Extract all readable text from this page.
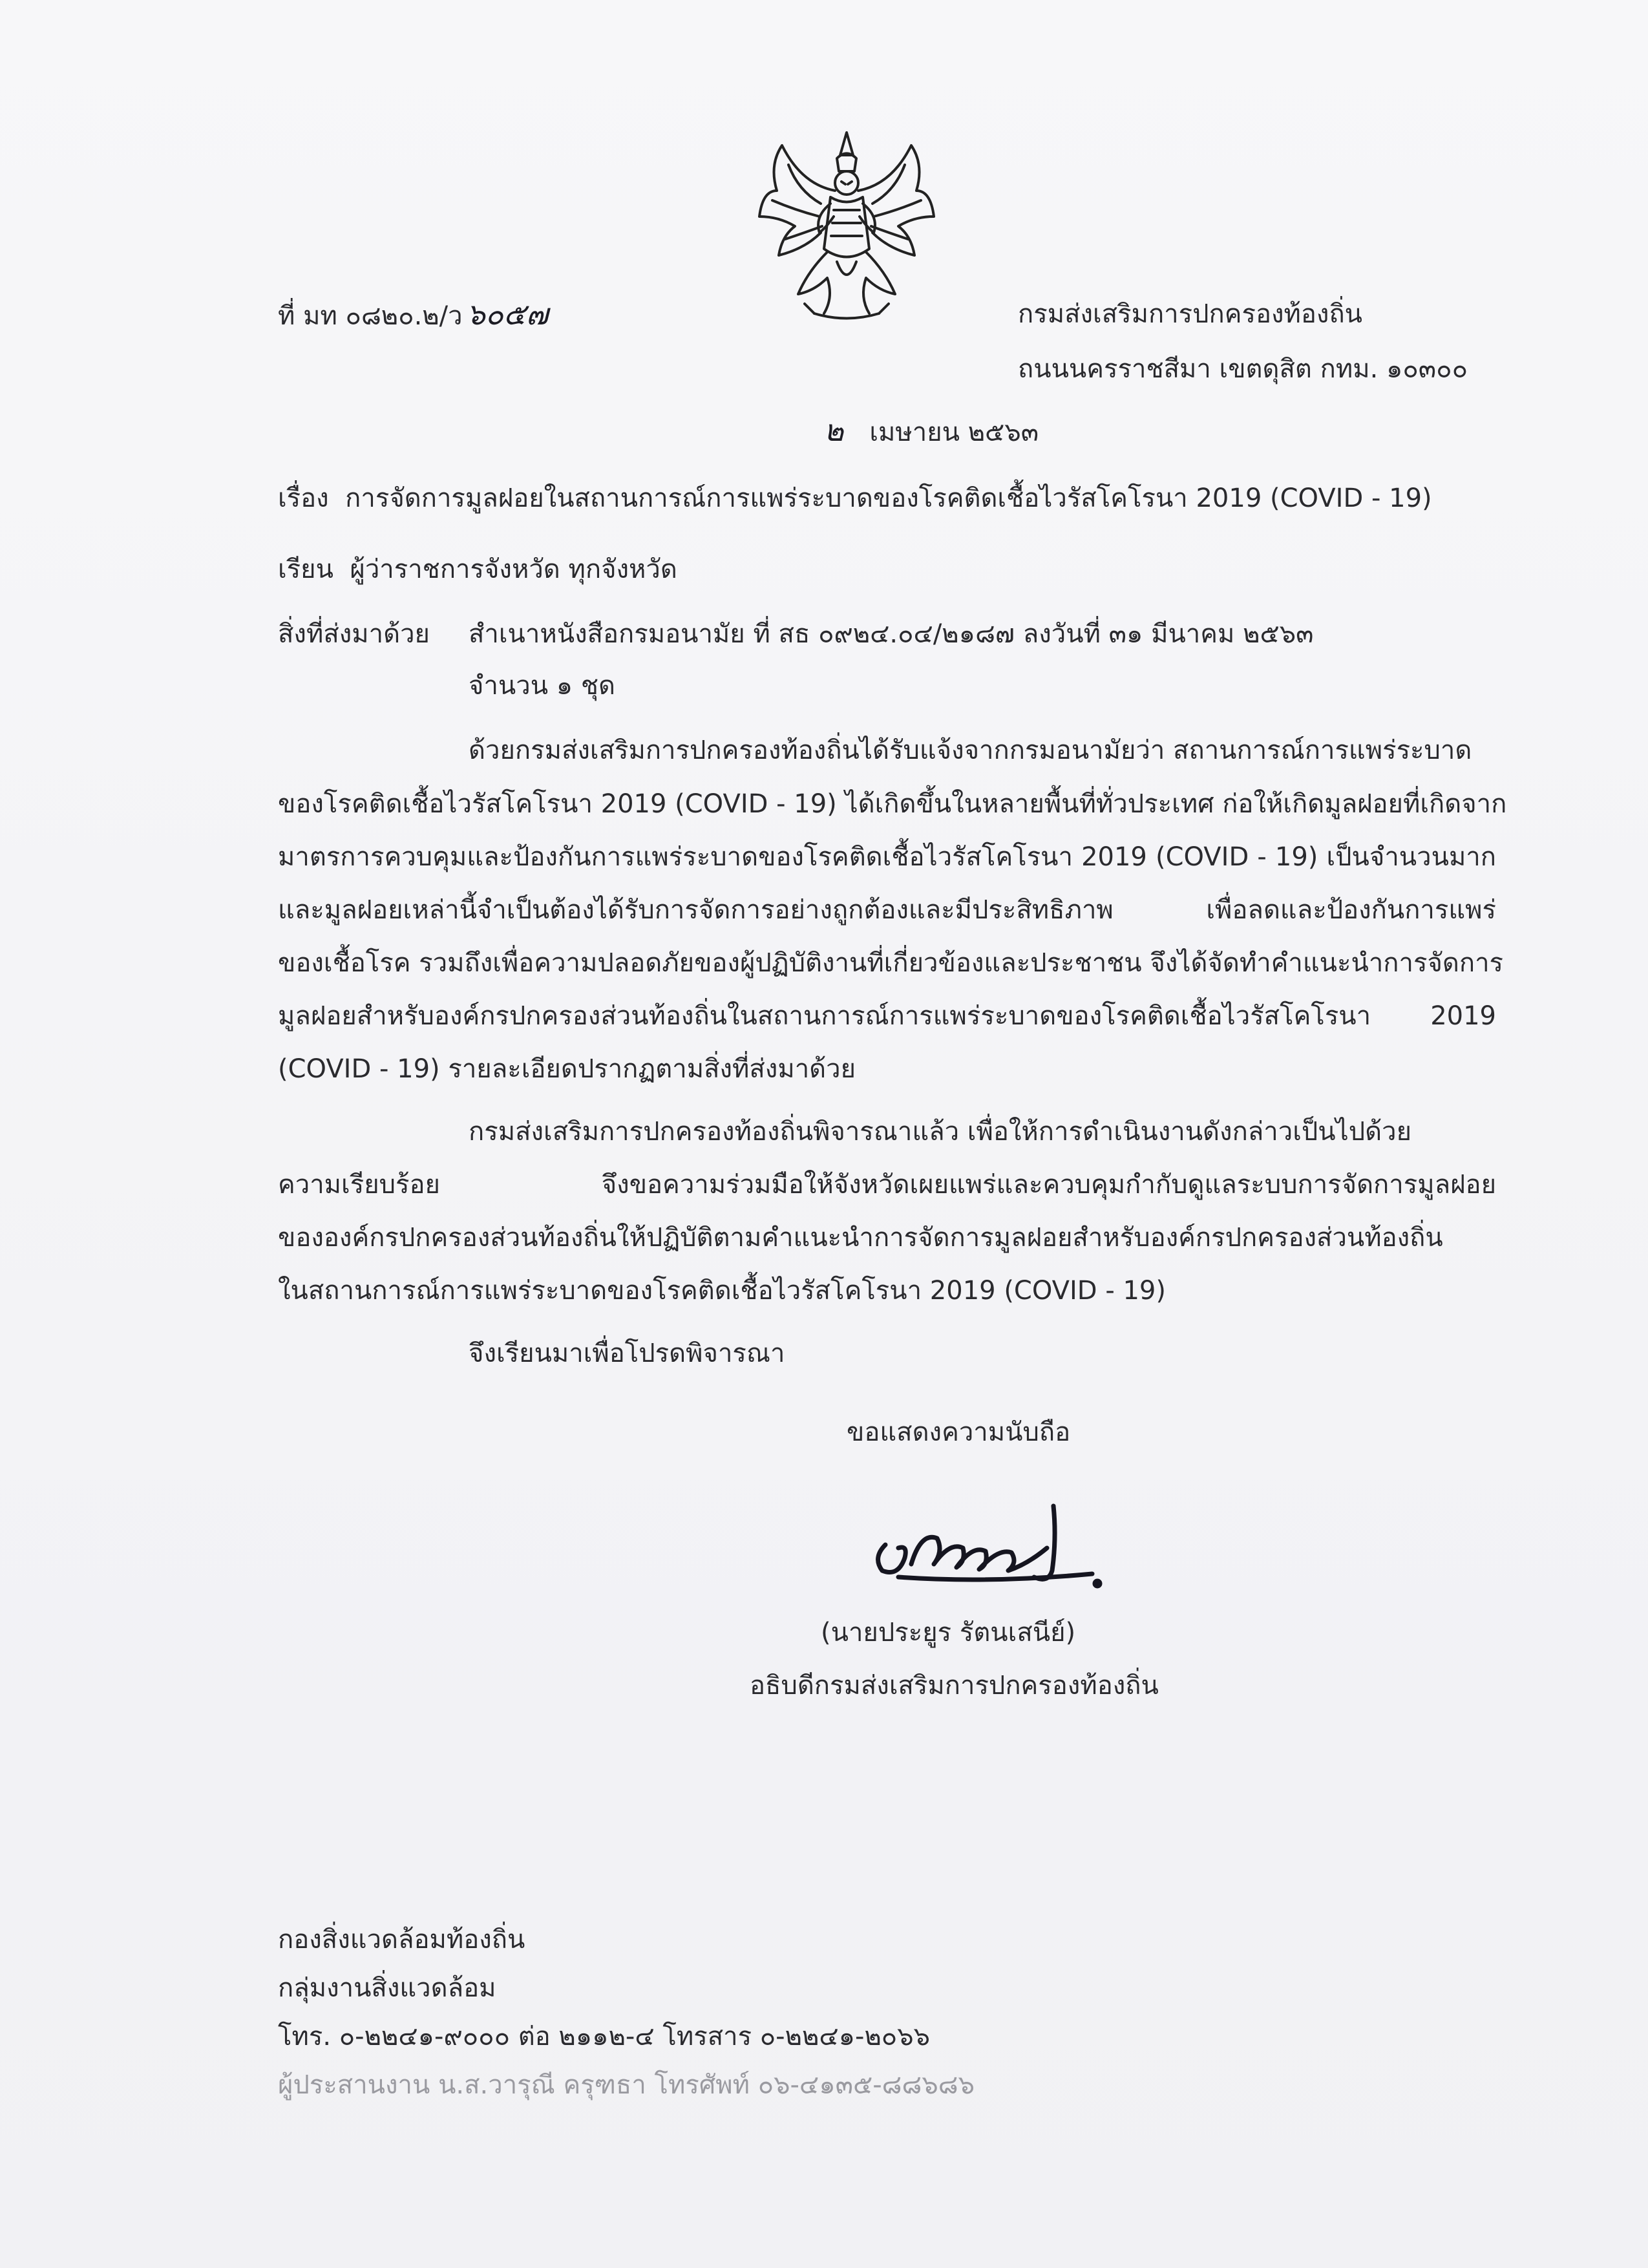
ที่ มท ๐๘๒๐.๒/ว ๖๐๕๗	กรมส่งเสริมการปกครองท้องถิ่น
ถนนนครราชสีมา เขตดุสิต กทม. ๑๐๓๐๐
๒ เมษายน ๒๕๖๓
เรื่อง การจัดการมูลฝอยในสถานการณ์การแพร่ระบาดของโรคติดเชื้อไวรัสโคโรนา 2019 (COVID - 19)
เรียน ผู้ว่าราชการจังหวัด ทุกจังหวัด
สิ่งที่ส่งมาด้วย สำเนาหนังสือกรมอนามัย ที่ สธ ๐๙๒๔.๐๔/๒๑๘๗ ลงวันที่ ๓๑ มีนาคม ๒๕๖๓
จำนวน ๑ ชุด
ด้วยกรมส่งเสริมการปกครองท้องถิ่นได้รับแจ้งจากกรมอนามัยว่า สถานการณ์การแพร่ระบาด
ของโรคติดเชื้อไวรัสโคโรนา 2019 (COVID - 19) ได้เกิดขึ้นในหลายพื้นที่ทั่วประเทศ ก่อให้เกิดมูลฝอยที่เกิดจาก
มาตรการควบคุมและป้องกันการแพร่ระบาดของโรคติดเชื้อไวรัสโคโรนา 2019 (COVID - 19) เป็นจำนวนมาก
และมูลฝอยเหล่านี้จำเป็นต้องได้รับการจัดการอย่างถูกต้องและมีประสิทธิภาพ เพื่อลดและป้องกันการแพร่
ของเชื้อโรค รวมถึงเพื่อความปลอดภัยของผู้ปฏิบัติงานที่เกี่ยวข้องและประชาชน จึงได้จัดทำคำแนะนำการจัดการ
มูลฝอยสำหรับองค์กรปกครองส่วนท้องถิ่นในสถานการณ์การแพร่ระบาดของโรคติดเชื้อไวรัสโคโรนา 2019
(COVID - 19) รายละเอียดปรากฏตามสิ่งที่ส่งมาด้วย
กรมส่งเสริมการปกครองท้องถิ่นพิจารณาแล้ว เพื่อให้การดำเนินงานดังกล่าวเป็นไปด้วย
ความเรียบร้อย จึงขอความร่วมมือให้จังหวัดเผยแพร่และควบคุมกำกับดูแลระบบการจัดการมูลฝอย
ขององค์กรปกครองส่วนท้องถิ่นให้ปฏิบัติตามคำแนะนำการจัดการมูลฝอยสำหรับองค์กรปกครองส่วนท้องถิ่น
ในสถานการณ์การแพร่ระบาดของโรคติดเชื้อไวรัสโคโรนา 2019 (COVID - 19)
จึงเรียนมาเพื่อโปรดพิจารณา
ขอแสดงความนับถือ
(นายประยูร รัตนเสนีย์)
อธิบดีกรมส่งเสริมการปกครองท้องถิ่น
กองสิ่งแวดล้อมท้องถิ่น
กลุ่มงานสิ่งแวดล้อม
โทร. ๐-๒๒๔๑-๙๐๐๐ ต่อ ๒๑๑๒-๔ โทรสาร ๐-๒๒๔๑-๒๐๖๖
ผู้ประสานงาน น.ส.วารุณี ครุฑธา โทรศัพท์ ๐๖-๔๑๓๕-๘๘๖๘๖
